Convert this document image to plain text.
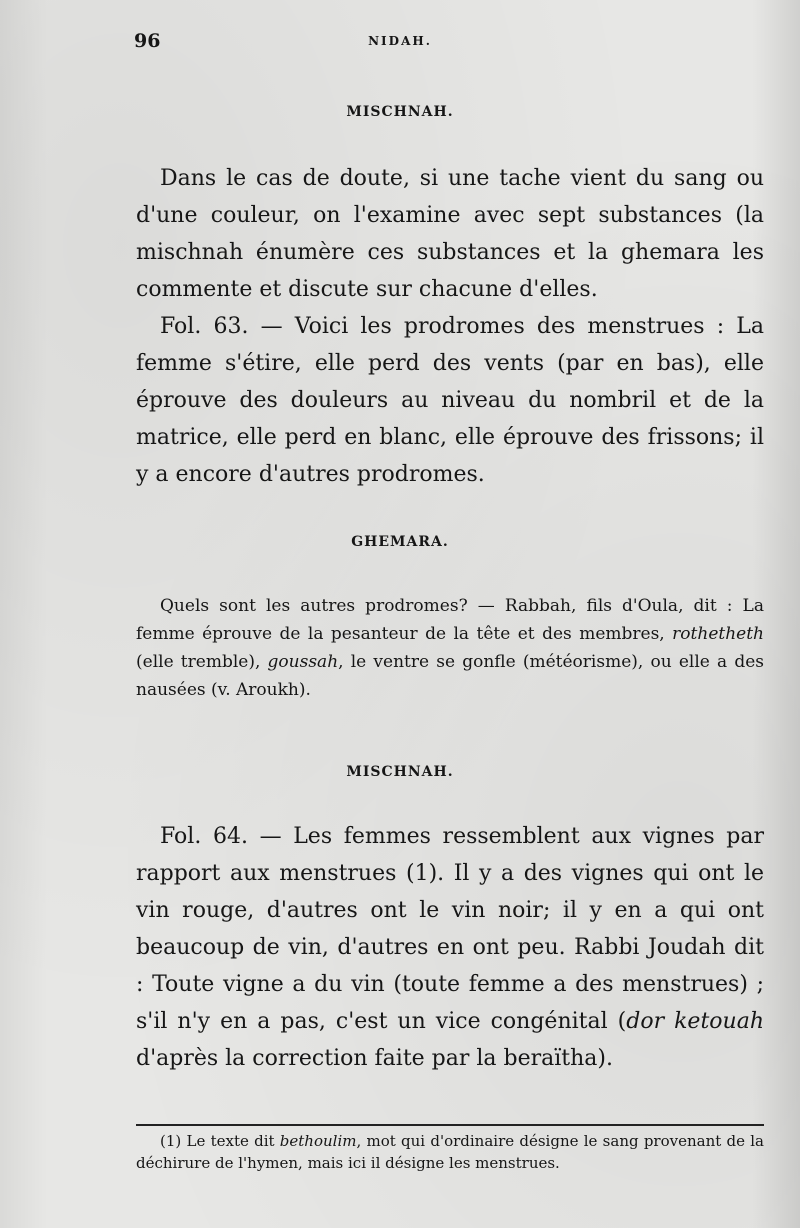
96	NIDAH.
MISCHNAH.

Dans le cas de doute, si une tache vient du sang ou d'une couleur, on l'examine avec sept substances (la mischnah énumère ces substances et la ghemara les commente et discute sur chacune d'elles.

Fol. 63. — Voici les prodromes des menstrues : La femme s'étire, elle perd des vents (par en bas), elle éprouve des douleurs au niveau du nombril et de la matrice, elle perd en blanc, elle éprouve des frissons; il y a encore d'autres prodromes.

GHEMARA.

Quels sont les autres prodromes? — Rabbah, fils d'Oula, dit : La femme éprouve de la pesanteur de la tête et des membres, rothetheth (elle tremble), goussah, le ventre se gonfle (météorisme), ou elle a des nausées (v. Aroukh).

MISCHNAH.

Fol. 64. — Les femmes ressemblent aux vignes par rapport aux menstrues (1). Il y a des vignes qui ont le vin rouge, d'autres ont le vin noir; il y en a qui ont beaucoup de vin, d'autres en ont peu. Rabbi Joudah dit : Toute vigne a du vin (toute femme a des menstrues) ; s'il n'y en a pas, c'est un vice congénital (dor ketouah d'après la correction faite par la beraïtha).

(1) Le texte dit bethoulim, mot qui d'ordinaire désigne le sang provenant de la déchirure de l'hymen, mais ici il désigne les menstrues.
